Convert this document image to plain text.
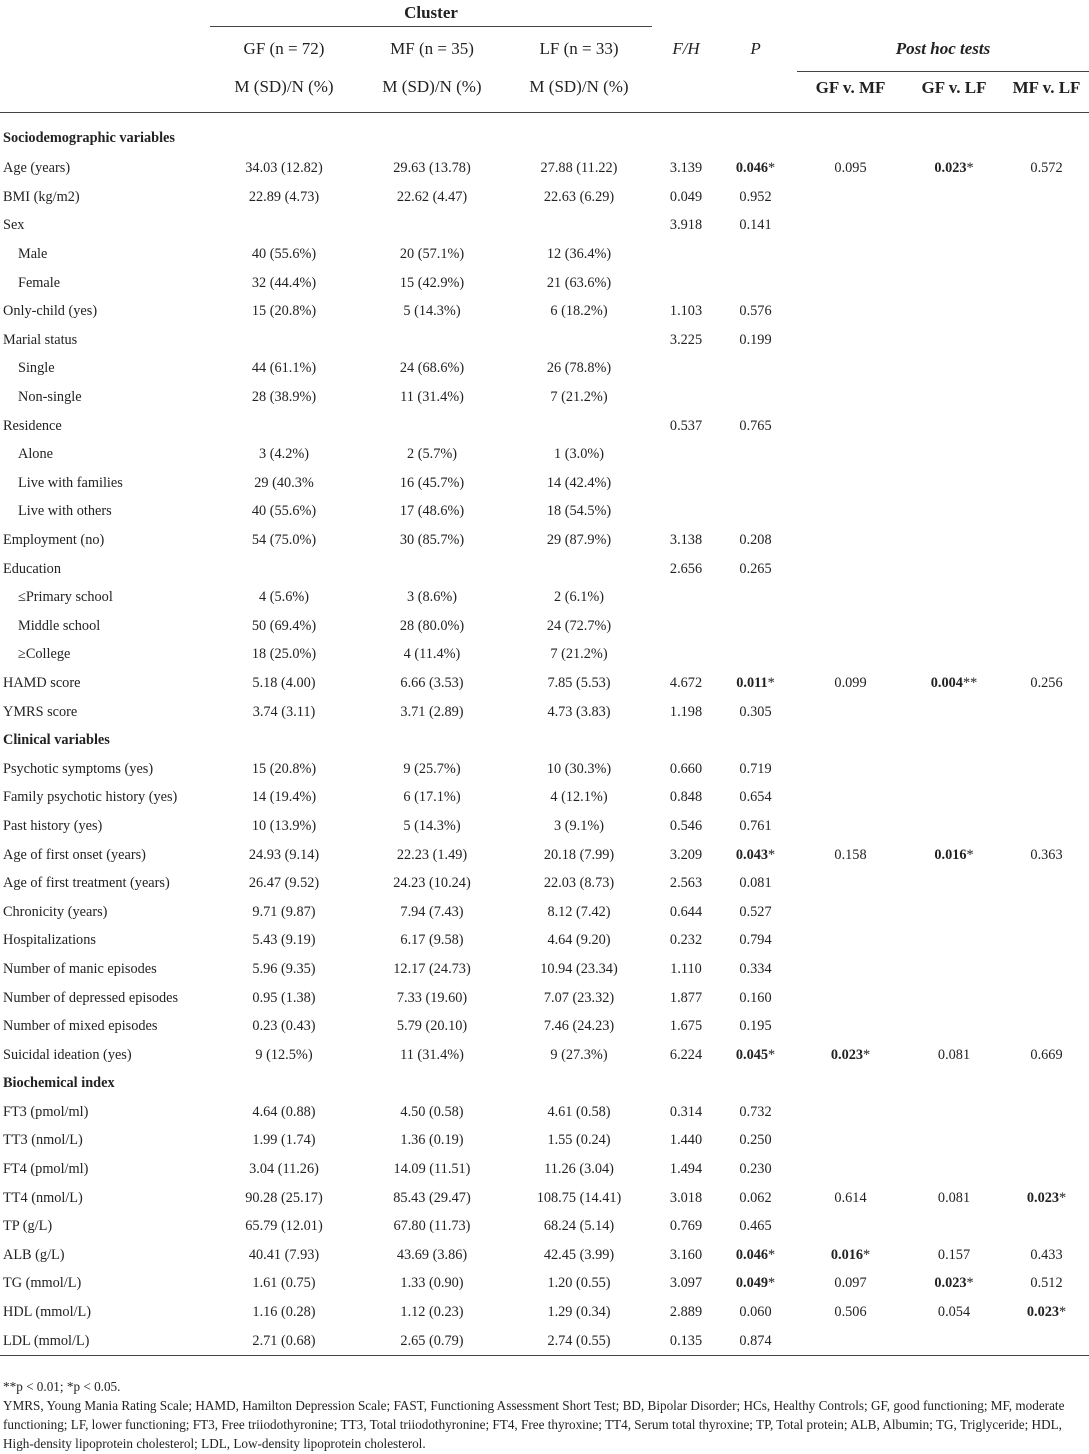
	Cluster								
	GF (n = 72)	MF (n = 35)	LF (n = 33)	F/H	P		Post hoc tests		
	M (SD)/N (%)	M (SD)/N (%)	M (SD)/N (%)				GF v. MF	GF v. LF	MF v. LF
Sociodemographic variables									
Age (years)	34.03 (12.82)	29.63 (13.78)	27.88 (11.22)	3.139	0.046*		0.095	0.023*	0.572
BMI (kg/m2)	22.89 (4.73)	22.62 (4.47)	22.63 (6.29)	0.049	0.952				
Sex				3.918	0.141				
Male	40 (55.6%)	20 (57.1%)	12 (36.4%)						
Female	32 (44.4%)	15 (42.9%)	21 (63.6%)						
Only-child (yes)	15 (20.8%)	5 (14.3%)	6 (18.2%)	1.103	0.576				
Marial status				3.225	0.199				
Single	44 (61.1%)	24 (68.6%)	26 (78.8%)						
Non-single	28 (38.9%)	11 (31.4%)	7 (21.2%)						
Residence				0.537	0.765				
Alone	3 (4.2%)	2 (5.7%)	1 (3.0%)						
Live with families	29 (40.3%	16 (45.7%)	14 (42.4%)						
Live with others	40 (55.6%)	17 (48.6%)	18 (54.5%)						
Employment (no)	54 (75.0%)	30 (85.7%)	29 (87.9%)	3.138	0.208				
Education				2.656	0.265				
≤Primary school	4 (5.6%)	3 (8.6%)	2 (6.1%)						
Middle school	50 (69.4%)	28 (80.0%)	24 (72.7%)						
≥College	18 (25.0%)	4 (11.4%)	7 (21.2%)						
HAMD score	5.18 (4.00)	6.66 (3.53)	7.85 (5.53)	4.672	0.011*		0.099	0.004**	0.256
YMRS score	3.74 (3.11)	3.71 (2.89)	4.73 (3.83)	1.198	0.305				
Clinical variables									
Psychotic symptoms (yes)	15 (20.8%)	9 (25.7%)	10 (30.3%)	0.660	0.719				
Family psychotic history (yes)	14 (19.4%)	6 (17.1%)	4 (12.1%)	0.848	0.654				
Past history (yes)	10 (13.9%)	5 (14.3%)	3 (9.1%)	0.546	0.761				
Age of first onset (years)	24.93 (9.14)	22.23 (1.49)	20.18 (7.99)	3.209	0.043*		0.158	0.016*	0.363
Age of first treatment (years)	26.47 (9.52)	24.23 (10.24)	22.03 (8.73)	2.563	0.081				
Chronicity (years)	9.71 (9.87)	7.94 (7.43)	8.12 (7.42)	0.644	0.527				
Hospitalizations	5.43 (9.19)	6.17 (9.58)	4.64 (9.20)	0.232	0.794				
Number of manic episodes	5.96 (9.35)	12.17 (24.73)	10.94 (23.34)	1.110	0.334				
Number of depressed episodes	0.95 (1.38)	7.33 (19.60)	7.07 (23.32)	1.877	0.160				
Number of mixed episodes	0.23 (0.43)	5.79 (20.10)	7.46 (24.23)	1.675	0.195				
Suicidal ideation (yes)	9 (12.5%)	11 (31.4%)	9 (27.3%)	6.224	0.045*		0.023*	0.081	0.669
Biochemical index									
FT3 (pmol/ml)	4.64 (0.88)	4.50 (0.58)	4.61 (0.58)	0.314	0.732				
TT3 (nmol/L)	1.99 (1.74)	1.36 (0.19)	1.55 (0.24)	1.440	0.250				
FT4 (pmol/ml)	3.04 (11.26)	14.09 (11.51)	11.26 (3.04)	1.494	0.230				
TT4 (nmol/L)	90.28 (25.17)	85.43 (29.47)	108.75 (14.41)	3.018	0.062		0.614	0.081	0.023*
TP (g/L)	65.79 (12.01)	67.80 (11.73)	68.24 (5.14)	0.769	0.465				
ALB (g/L)	40.41 (7.93)	43.69 (3.86)	42.45 (3.99)	3.160	0.046*		0.016*	0.157	0.433
TG (mmol/L)	1.61 (0.75)	1.33 (0.90)	1.20 (0.55)	3.097	0.049*		0.097	0.023*	0.512
HDL (mmol/L)	1.16 (0.28)	1.12 (0.23)	1.29 (0.34)	2.889	0.060		0.506	0.054	0.023*
LDL (mmol/L)	2.71 (0.68)	2.65 (0.79)	2.74 (0.55)	0.135	0.874				

**p < 0.01; *p < 0.05.

YMRS, Young Mania Rating Scale; HAMD, Hamilton Depression Scale; FAST, Functioning Assessment Short Test; BD, Bipolar Disorder; HCs, Healthy Controls; GF, good functioning; MF, moderate functioning; LF, lower functioning; FT3, Free triiodothyronine; TT3, Total triiodothyronine; FT4, Free thyroxine; TT4, Serum total thyroxine; TP, Total protein; ALB, Albumin; TG, Triglyceride; HDL, High-density lipoprotein cholesterol; LDL, Low-density lipoprotein cholesterol.
